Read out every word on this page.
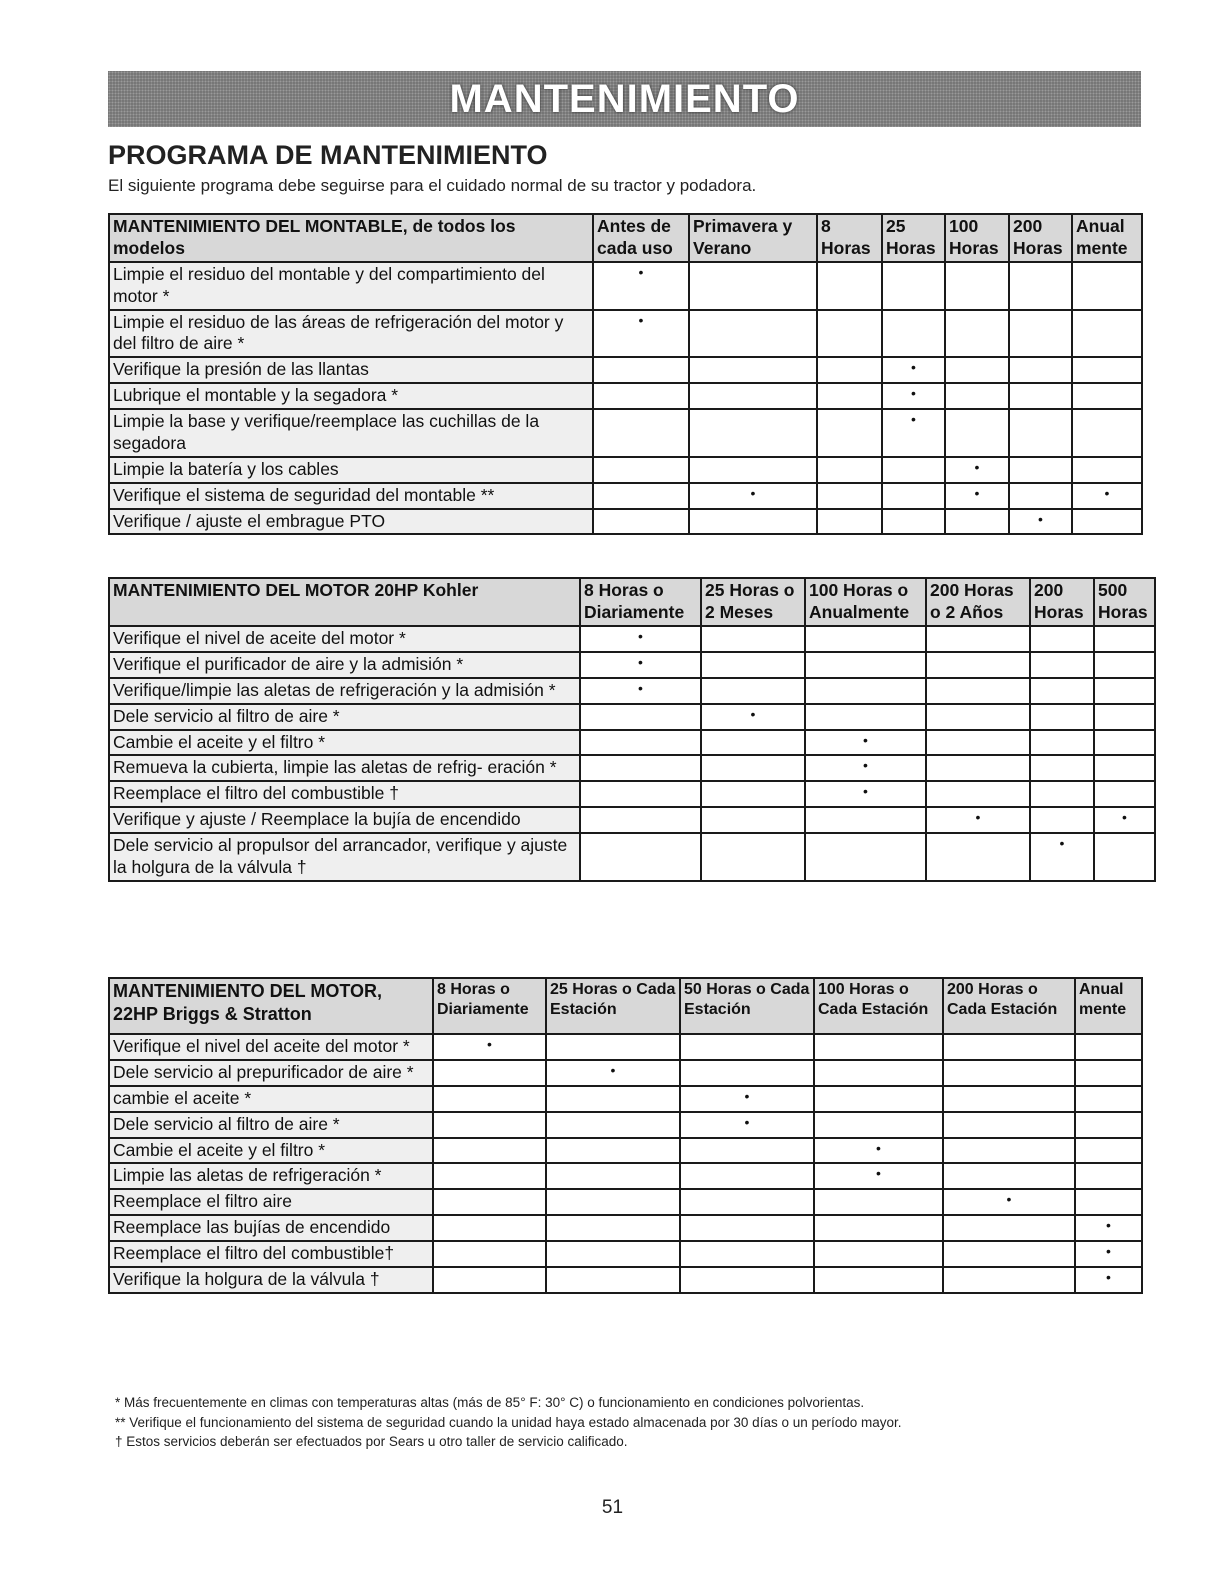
MANTENIMIENTO
PROGRAMA DE MANTENIMIENTO

El siguiente programa debe seguirse para el cuidado normal de su tractor y podadora.

MANTENIMIENTO DEL MONTABLE, de todos los modelos	Antes de cada uso	Primavera y Verano	8 Horas	25 Horas	100 Horas	200 Horas	Anual mente
Limpie el residuo del montable y del compartimiento del motor *	•						
Limpie el residuo de las áreas de refrigeración del motor y del filtro de aire *	•						
Verifique la presión de las llantas				•			
Lubrique el montable y la segadora *				•			
Limpie la base y verifique/reemplace las cuchillas de la segadora				•			
Limpie la batería y los cables					•		
Verifique el sistema de seguridad del montable **		•			•		•
Verifique / ajuste el embrague PTO						•	
MANTENIMIENTO DEL MOTOR 20HP Kohler	8 Horas o Diariamente	25 Horas o 2 Meses	100 Horas o Anualmente	200 Horas o 2 Años	200 Horas	500 Horas
Verifique el nivel de aceite del motor *	•					
Verifique el purificador de aire y la admisión *	•					
Verifique/limpie las aletas de refrigeración y la admisión *	•					
Dele servicio al filtro de aire *		•				
Cambie el aceite y el filtro *			•			
Remueva la cubierta, limpie las aletas de refrig- eración *			•			
Reemplace el filtro del combustible †			•			
Verifique y ajuste / Reemplace la bujía de encendido				•		•
Dele servicio al propulsor del arrancador, verifique y ajuste la holgura de la válvula †					•	
MANTENIMIENTO DEL MOTOR, 22HP Briggs & Stratton	8 Horas o Diariamente	25 Horas o Cada Estación	50 Horas o Cada Estación	100 Horas o Cada Estación	200 Horas o Cada Estación	Anual mente
Verifique el nivel del aceite del motor *	•					
Dele servicio al prepurificador de aire *		•				
cambie el aceite *			•			
Dele servicio al filtro de aire *			•			
Cambie el aceite y el filtro *				•		
Limpie las aletas de refrigeración *				•		
Reemplace el filtro aire					•	
Reemplace las bujías de encendido						•
Reemplace el filtro del combustible†						•
Verifique la holgura de la válvula †						•

* Más frecuentemente en climas con temperaturas altas (más de 85° F: 30° C) o funcionamiento en condiciones polvorientas.

** Verifique el funcionamiento del sistema de seguridad cuando la unidad haya estado almacenada por 30 días o un período mayor.

† Estos servicios deberán ser efectuados por Sears u otro taller de servicio calificado.

51
